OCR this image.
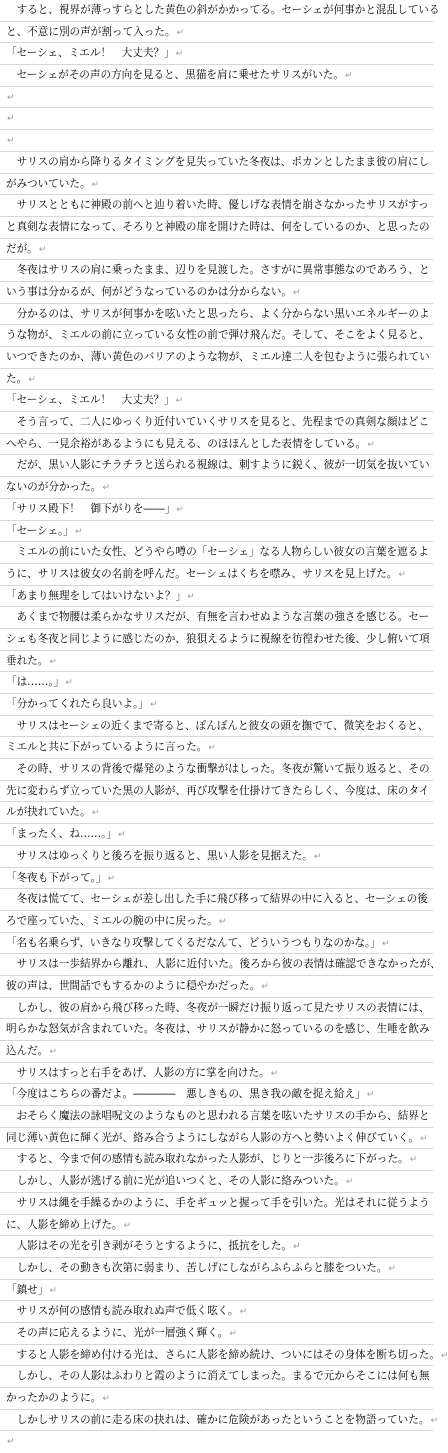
　すると、視界が薄っすらとした黄色の斜がかかってる。セーシェが何事かと混乱している
と、不意に別の声が割って入った。↵
「セーシェ、ミエル！　大丈夫？」↵
　セーシェがその声の方向を見ると、黒猫を肩に乗せたサリスがいた。↵
↵
↵
↵
　サリスの肩から降りるタイミングを見失っていた冬夜は、ポカンとしたまま彼の肩にし
がみついていた。↵
　サリスとともに神殿の前へと辿り着いた時、優しげな表情を崩さなかったサリスがすっ
と真剣な表情になって、そろりと神殿の扉を開けた時は、何をしているのか、と思ったの
だが。↵
　冬夜はサリスの肩に乗ったまま、辺りを見渡した。さすがに異常事態なのであろう、と
いう事は分かるが、何がどうなっているのかは分からない。↵
　分かるのは、サリスが何事かを呟いたと思ったら、よく分からない黒いエネルギーのよ
うな物が、ミエルの前に立っている女性の前で弾け飛んだ。そして、そこをよく見ると、
いつできたのか、薄い黄色のバリアのような物が、ミエル達二人を包むように張られてい
た。↵
「セーシェ、ミエル！　大丈夫？」↵
　そう言って、二人にゆっくり近付いていくサリスを見ると、先程までの真剣な顔はどこ
へやら、一見余裕があるようにも見える、のほほんとした表情をしている。↵
　だが、黒い人影にチラチラと送られる視線は、刺すように鋭く、彼が一切気を抜いてい
ないのが分かった。↵
「サリス殿下！　御下がりを――」↵
「セーシェ。」↵
　ミエルの前にいた女性、どうやら噂の「セーシェ」なる人物らしい彼女の言葉を遮るよ
うに、サリスは彼女の名前を呼んだ。セーシェはくちを噤み、サリスを見上げた。↵
「あまり無理をしてはいけないよ？」↵
　あくまで物腰は柔らかなサリスだが、有無を言わせぬような言葉の強さを感じる。セー
シェも冬夜と同じように感じたのか、狼狽えるように視線を彷徨わせた後、少し俯いて項
垂れた。↵
「は……。」↵
「分かってくれたら良いよ。」↵
　サリスはセーシェの近くまで寄ると、ぽんぽんと彼女の頭を撫でて、微笑をおくると、
ミエルと共に下がっているように言った。↵
　その時、サリスの背後で爆発のような衝撃がはしった。冬夜が驚いて振り返ると、その
先に変わらず立っていた黒の人影が、再び攻撃を仕掛けてきたらしく、今度は、床のタイ
ルが抉れていた。↵
「まったく、ね……。」↵
　サリスはゆっくりと後ろを振り返ると、黒い人影を見据えた。↵
「冬夜も下がって。」↵
　冬夜は慌てて、セーシェが差し出した手に飛び移って結界の中に入ると、セーシェの後
ろで座っていた、ミエルの腕の中に戻った。↵
「名も名乗らず、いきなり攻撃してくるだなんて、どういうつもりなのかな。」↵
　サリスは一歩結界から離れ、人影に近付いた。後ろから彼の表情は確認できなかったが、
彼の声は、世間話でもするかのように穏やかだった。↵
　しかし、彼の肩から飛び移った時、冬夜が一瞬だけ振り返って見たサリスの表情には、
明らかな怒気が含まれていた。冬夜は、サリスが静かに怒っているのを感じ、生唾を飲み
込んだ。↵
　サリスはすっと右手をあげ、人影の方に掌を向けた。↵
「今度はこちらの番だよ。――――　悪しきもの、黒き我の敵を捉え給え」↵
　おそらく魔法の詠唱呪文のようなものと思われる言葉を呟いたサリスの手から、結界と
同じ薄い黄色に輝く光が、絡み合うようにしながら人影の方へと勢いよく伸びていく。↵
　すると、今まで何の感情も読み取れなかった人影が、じりと一歩後ろに下がった。↵
　しかし、人影が逃げる前に光が追いつくと、その人影に絡みついた。↵
　サリスは縄を手繰るかのように、手をギュッと握って手を引いた。光はそれに従うよう
に、人影を締め上げた。↵
　人影はその光を引き剥がそうとするように、抵抗をした。↵
　しかし、その動きも次第に弱まり、苦しげにしながらふらふらと膝をついた。↵
「鎮せ」↵
　サリスが何の感情も読み取れぬ声で低く呟く。↵
　その声に応えるように、光が一層強く輝く。↵
　すると人影を締め付ける光は、さらに人影を締め続け、ついにはその身体を断ち切った。↵
　しかし、その人影はふわりと霞のように消えてしまった。まるで元からそこには何も無
かったかのように。↵
　しかしサリスの前に走る床の抉れは、確かに危険があったということを物語っていた。↵
↵
